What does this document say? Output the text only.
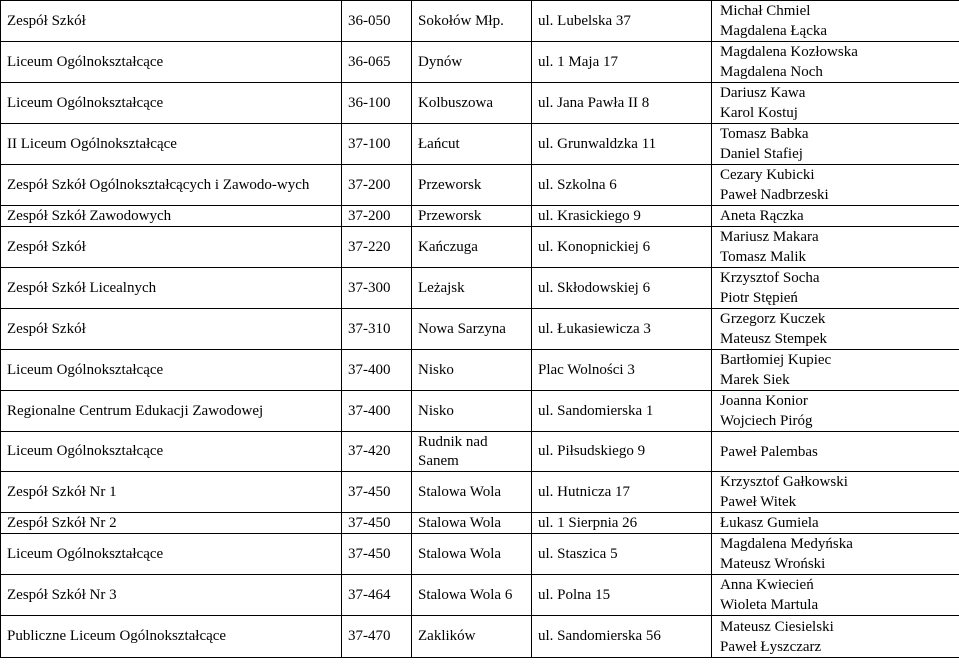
Zespół Szkół	36-050	Sokołów Młp.	ul. Lubelska 37	Michał Chmiel
Magdalena Łącka

Liceum Ogólnokształcące	36-065	Dynów	ul. 1 Maja 17	Magdalena Kozłowska
Magdalena Noch

Liceum Ogólnokształcące	36-100	Kolbuszowa	ul. Jana Pawła II 8	Dariusz Kawa
Karol Kostuj

II Liceum Ogólnokształcące	37-100	Łańcut	ul. Grunwaldzka 11	Tomasz Babka
Daniel Stafiej

Zespół Szkół Ogólnokształcących i Zawodo-wych	37-200	Przeworsk	ul. Szkolna 6	Cezary Kubicki
Paweł Nadbrzeski

Zespół Szkół Zawodowych	37-200	Przeworsk	ul. Krasickiego 9	Aneta Rączka

Zespół Szkół	37-220	Kańczuga	ul. Konopnickiej 6	Mariusz Makara
Tomasz Malik

Zespół Szkół Licealnych	37-300	Leżajsk	ul. Skłodowskiej 6	Krzysztof Socha
Piotr Stępień

Zespół Szkół	37-310	Nowa Sarzyna	ul. Łukasiewicza 3	Grzegorz Kuczek
Mateusz Stempek

Liceum Ogólnokształcące	37-400	Nisko	Plac Wolności 3	Bartłomiej Kupiec
Marek Siek

Regionalne Centrum Edukacji Zawodowej	37-400	Nisko	ul. Sandomierska 1	Joanna Konior
Wojciech Piróg

Liceum Ogólnokształcące	37-420	Rudnik nad Sanem	ul. Piłsudskiego 9	Paweł Palembas

Zespół Szkół Nr 1	37-450	Stalowa Wola	ul. Hutnicza 17	Krzysztof Gałkowski
Paweł Witek

Zespół Szkół Nr 2	37-450	Stalowa Wola	ul. 1 Sierpnia 26	Łukasz Gumiela

Liceum Ogólnokształcące	37-450	Stalowa Wola	ul. Staszica 5	Magdalena Medyńska
Mateusz Wroński

Zespół Szkół Nr 3	37-464	Stalowa Wola 6	ul. Polna 15	Anna Kwiecień
Wioleta Martula

Publiczne Liceum Ogólnokształcące	37-470	Zaklików	ul. Sandomierska 56	Mateusz Ciesielski
Paweł Łyszczarz
